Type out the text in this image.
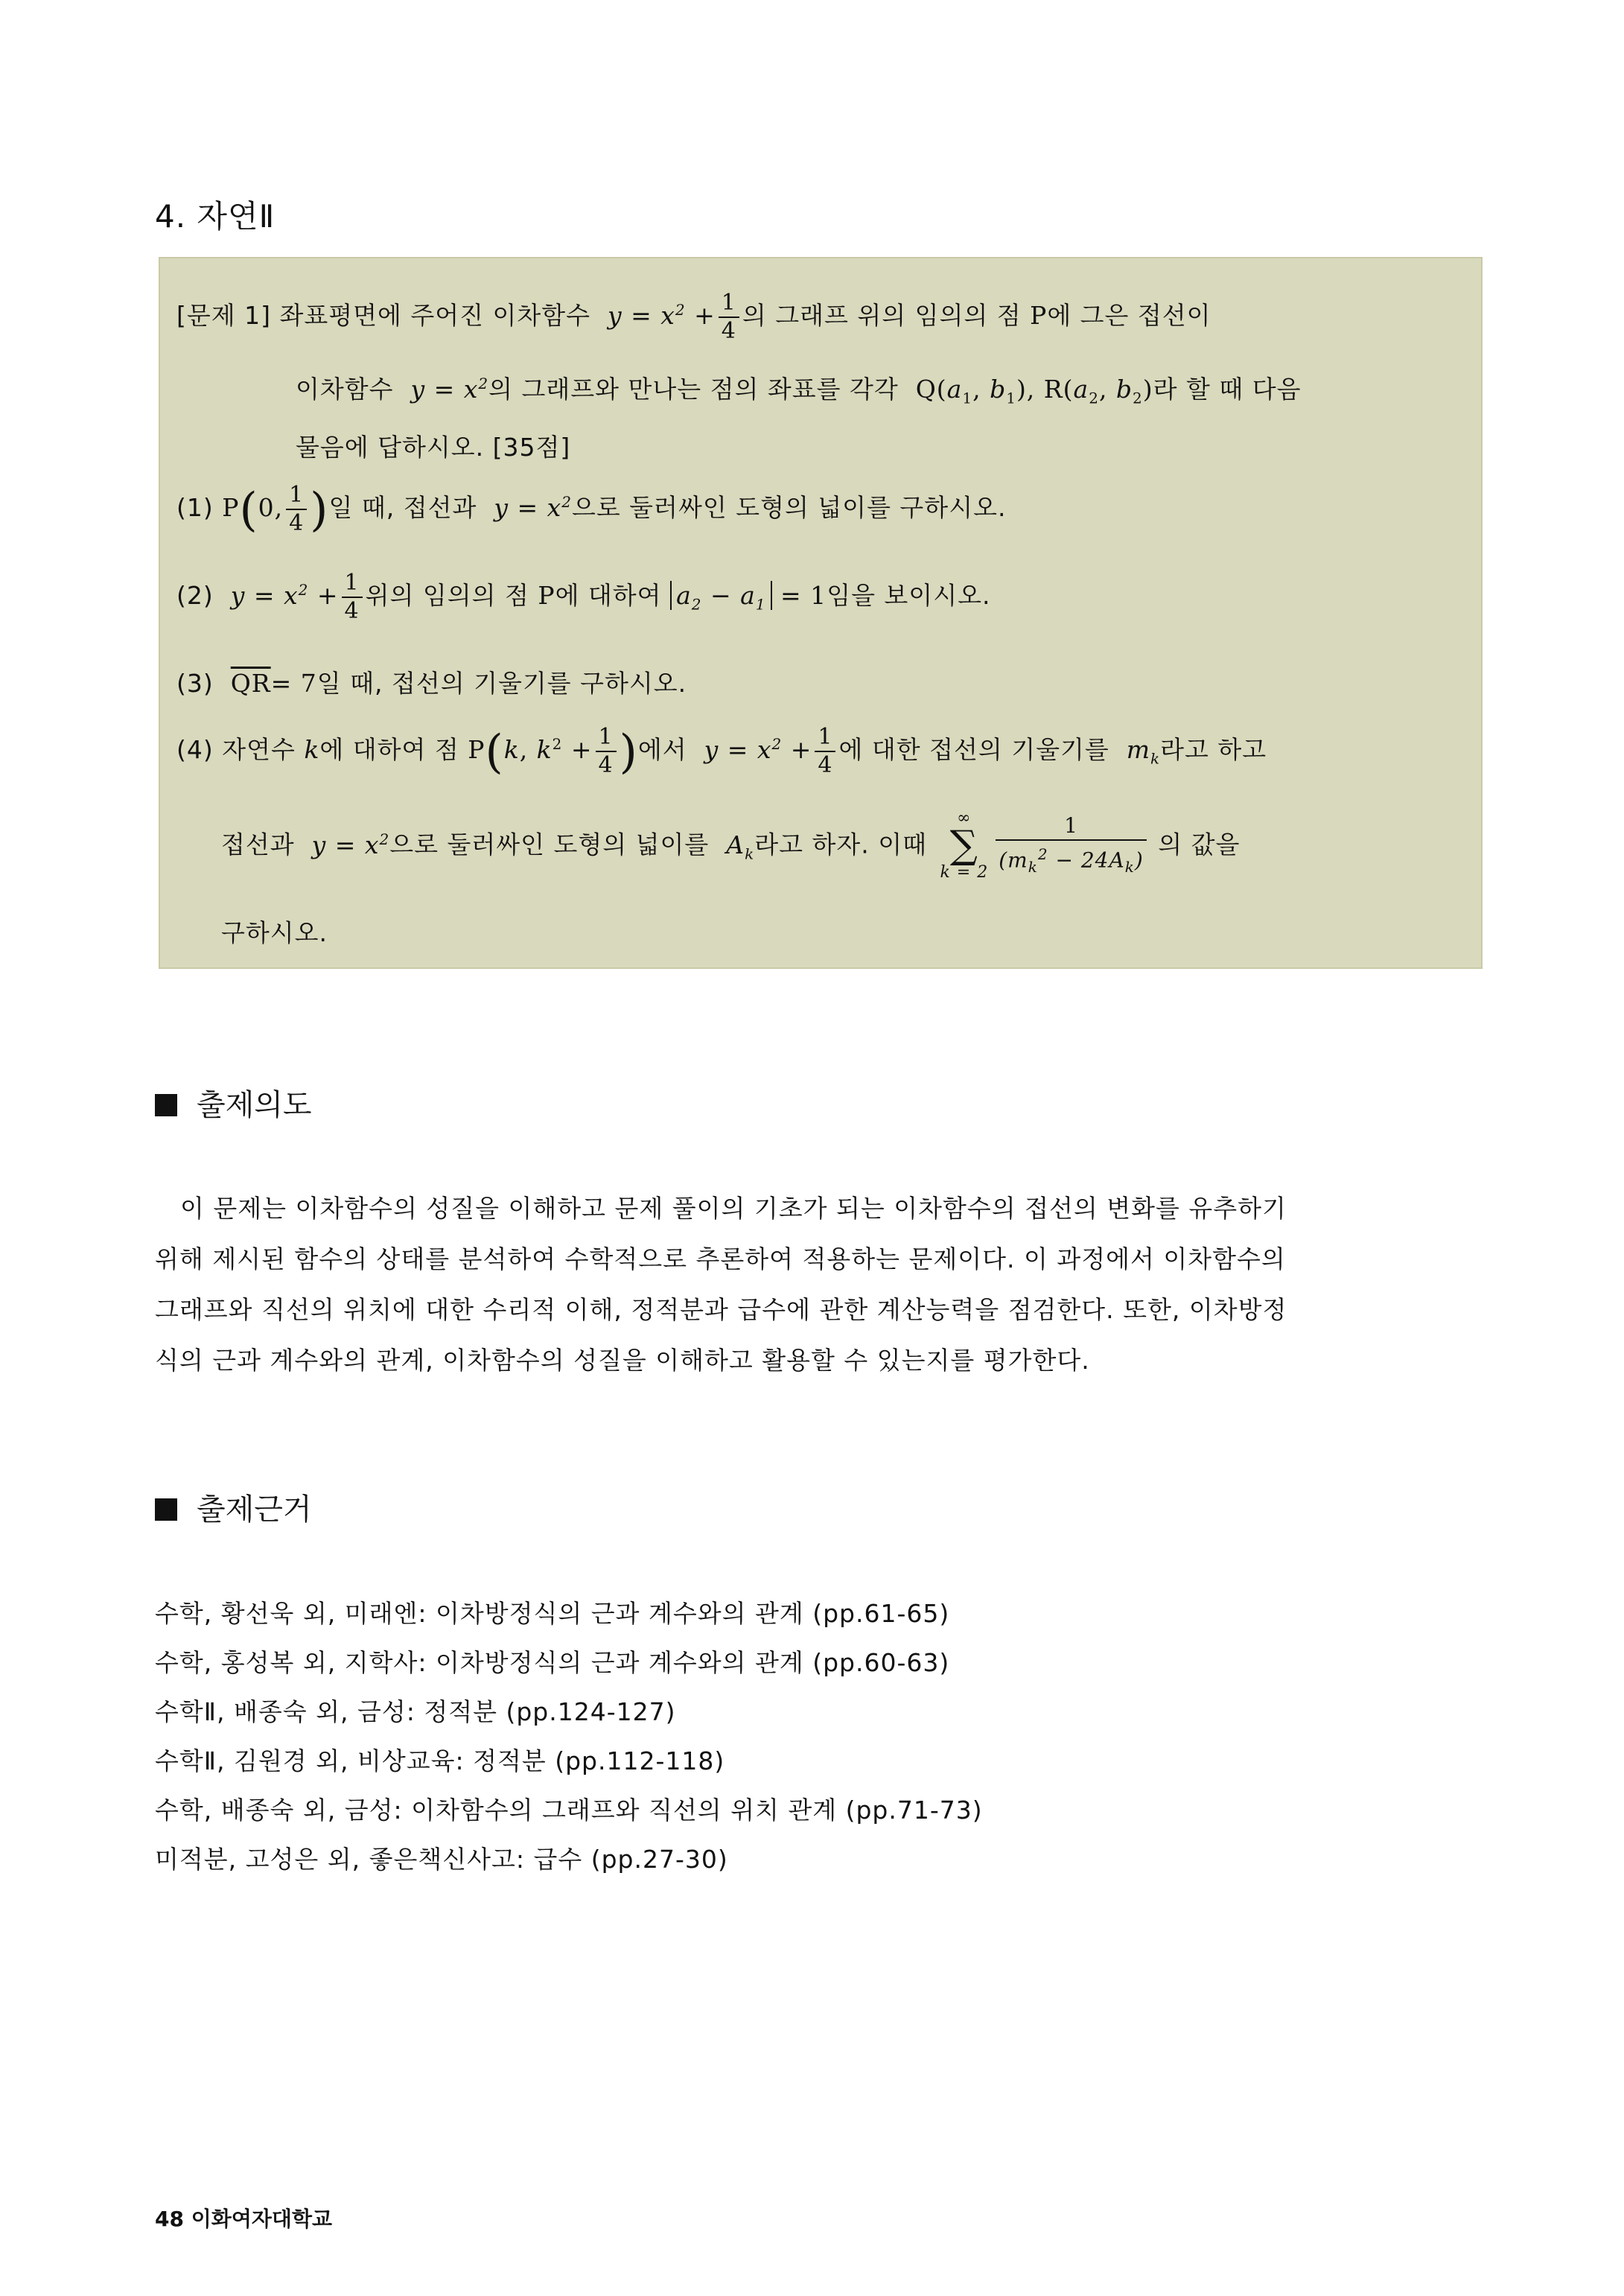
4. 자연Ⅱ
[문제 1] 좌표평면에 주어진 이차함수  $y = x^2 + \frac{1}{4}$ 의 그래프 위의 임의의 점 P에 그은 접선이
이차함수  $y = x^2$의 그래프와 만나는 점의 좌표를 각각  $Q(a_1$, $b_1$), $R(a_2$, $b_2$)라 할 때 다음
물음에 답하시오. [35점]
(1) P(0, $\frac{1}{4}$ )일 때, 접선과  $y = x^2$으로 둘러싸인 도형의 넓이를 구하시오.
(2)  $y = x^2 + \frac{1}{4}$ 위의 임의의 점 P에 대하여 $a_2 - a_1 = 1$임을 보이시오.
(3) $\overline{QR}= 7$일 때, 접선의 기울기를 구하시오.
(4) 자연수 k에 대하여 점 P(k, $k^2 + \frac{1}{4}$ )에서  $y = x^2 + \frac{1}{4}$ 에 대한 접선의 기울기를  $m_k$라고 하고
접선과  $y = x^2$으로 둘러싸인 도형의 넓이를  $A_k$라고 하자. 이때
∞
∑
$k = 2 \frac{1}{(m_k^2 - 24A_k)}$ 의 값을
구하시오.
출제의도
이 문제는 이차함수의 성질을 이해하고 문제 풀이의 기초가 되는 이차함수의 접선의 변화를 유추하기
위해 제시된 함수의 상태를 분석하여 수학적으로 추론하여 적용하는 문제이다. 이 과정에서 이차함수의
그래프와 직선의 위치에 대한 수리적 이해, 정적분과 급수에 관한 계산능력을 점검한다. 또한, 이차방정
식의 근과 계수와의 관계, 이차함수의 성질을 이해하고 활용할 수 있는지를 평가한다.
출제근거
수학, 황선욱 외, 미래엔: 이차방정식의 근과 계수와의 관계 (pp.61-65)
수학, 홍성복 외, 지학사: 이차방정식의 근과 계수와의 관계 (pp.60-63)
수학Ⅱ, 배종숙 외, 금성: 정적분 (pp.124-127)
수학Ⅱ, 김원경 외, 비상교육: 정적분 (pp.112-118)
수학, 배종숙 외, 금성: 이차함수의 그래프와 직선의 위치 관계 (pp.71-73)
미적분, 고성은 외, 좋은책신사고: 급수 (pp.27-30)
48 이화여자대학교
